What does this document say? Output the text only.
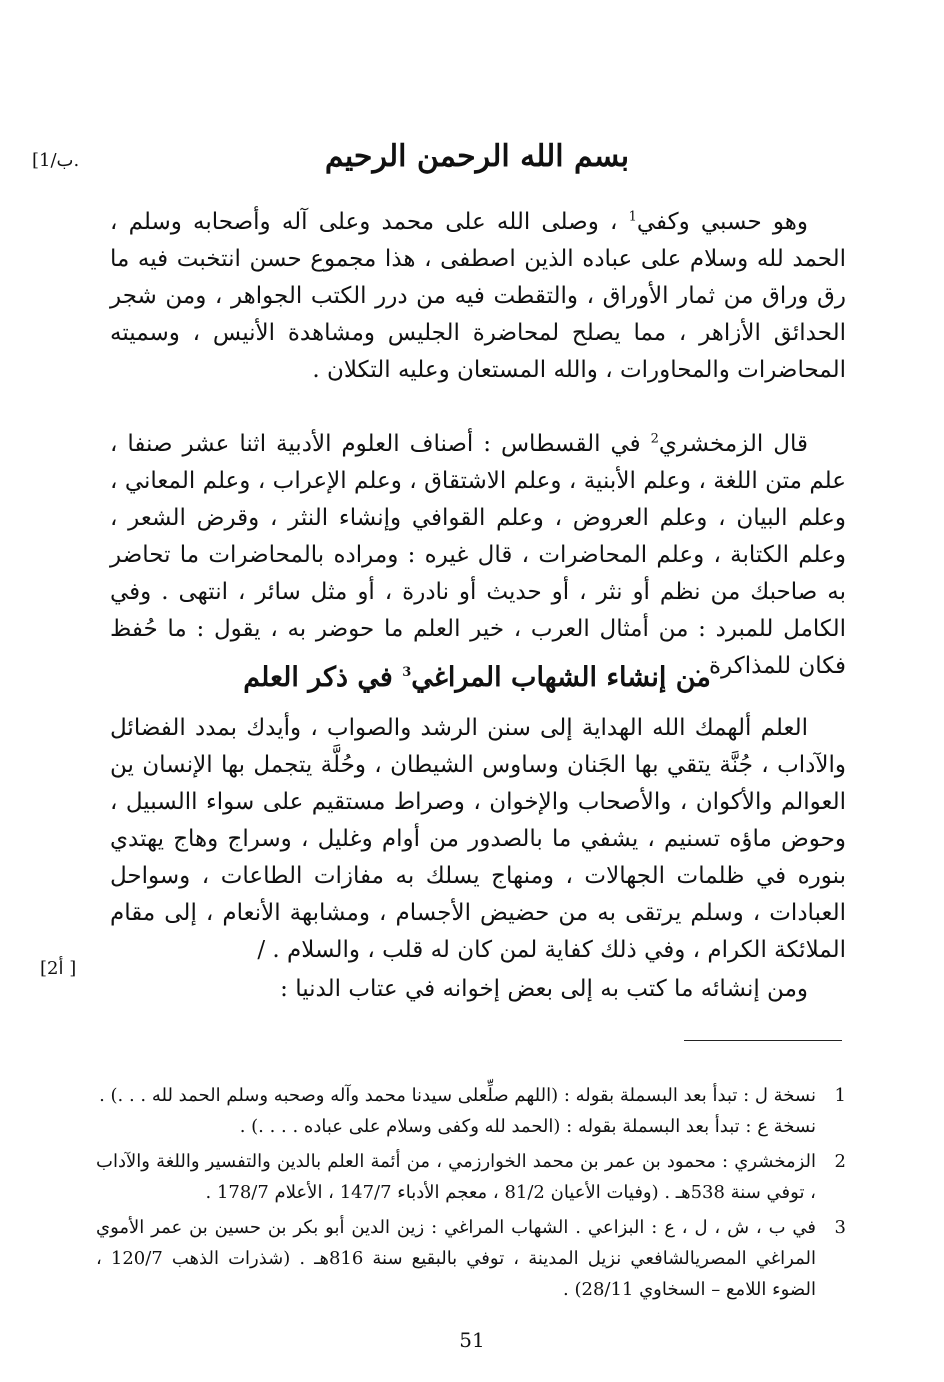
[1/ب.
[أ2 ]
بسم الله الرحمن الرحيم

وهو حسبي وكفي$^1$ ، وصلى الله على محمد وعلى آله وأصحابه وسلم ، الحمد لله وسلام على عباده الذين اصطفى ، هذا مجموع حسن انتخبت فيه ما رق وراق من ثمار الأوراق ، والتقطت فيه من درر الكتب الجواهر ، ومن شجر الحدائق الأزاهر ، مما يصلح لمحاضرة الجليس ومشاهدة الأنيس ، وسميته المحاضرات والمحاورات ، والله المستعان وعليه التكلان .

قال الزمخشري$^2$ في القسطاس : أصناف العلوم الأدبية اثنا عشر صنفا ، علم متن اللغة ، وعلم الأبنية ، وعلم الاشتقاق ، وعلم الإعراب ، وعلم المعاني ، وعلم البيان ، وعلم العروض ، وعلم القوافي وإنشاء النثر ، وقرض الشعر ، وعلم الكتابة ، وعلم المحاضرات ، قال غيره : ومراده بالمحاضرات ما تحاضر به صاحبك من نظم أو نثر ، أو حديث أو نادرة ، أو مثل سائر ، انتهى . وفي الكامل للمبرد : من أمثال العرب ، خير العلم ما حوضر به ، يقول : ما حُفظ فكان للمذاكرة .

من إنشاء الشهاب المراغي$^3$ في ذكر العلم

العلم ألهمك الله الهداية إلى سنن الرشد والصواب ، وأيدك بمدد الفضائل والآداب ، جُنَّة يتقي بها الجَنان وساوس الشيطان ، وحُلَّة يتجمل بها الإنسان ين العوالم والأكوان ، والأصحاب والإخوان ، وصراط مستقيم على سواء االسبيل ، وحوض ماؤه تسنيم ، يشفي ما بالصدور من أوام وغليل ، وسراج وهاج يهتدي بنوره في ظلمات الجهالات ، ومنهاج يسلك به مفازات الطاعات ، وسواحل العبادات ، وسلم يرتقى به من حضيض الأجسام ، ومشابهة الأنعام ، إلى مقام الملائكة الكرام ، وفي ذلك كفاية لمن كان له قلب ، والسلام . /

ومن إنشائه ما كتب به إلى بعض إخوانه في عتاب الدنيا :

1
نسخة ل : تبدأ بعد البسملة بقوله : (اللهم صلِّعلى سيدنا محمد وآله وصحبه وسلم الحمد لله . . .) .
نسخة ع : تبدأ بعد البسملة بقوله : (الحمد لله وكفى وسلام على عباده . . . .) .
2
الزمخشري : محمود بن عمر بن محمد الخوارزمي ، من أئمة العلم بالدين والتفسير واللغة والآداب ، توفي سنة 538هـ . (وفيات الأعيان 81/2 ، معجم الأدباء 147/7 ، الأعلام 178/7 .
3
في ب ، ش ، ل ، ع : البزاعي . الشهاب المراغي : زين الدين أبو بكر بن حسين بن عمر الأموي المراغي المصريالشافعي نزيل المدينة ، توفي بالبقيع سنة 816هـ . (شذرات الذهب 120/7 ، الضوء اللامع – السخاوي 28/11) .
51
